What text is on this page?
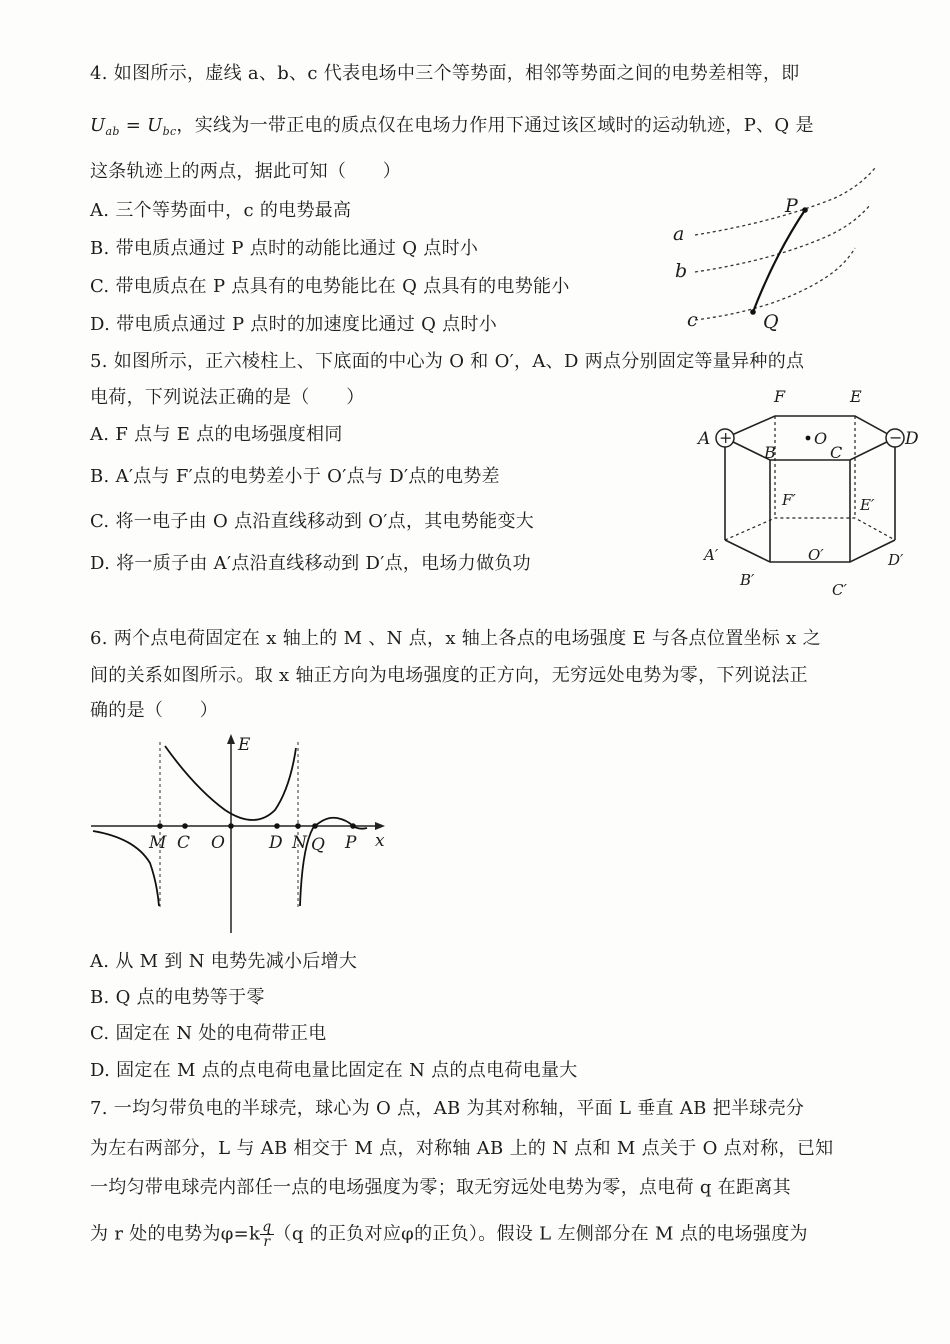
4. 如图所示，虚线 a、b、c 代表电场中三个等势面，相邻等势面之间的电势差相等，即
$U_{ab} = U_{bc}$，实线为一带正电的质点仅在电场力作用下通过该区域时的运动轨迹，P、Q 是
这条轨迹上的两点，据此可知（　　）
A. 三个等势面中，c 的电势最高
B. 带电质点通过 P 点时的动能比通过 Q 点时小
C. 带电质点在 P 点具有的电势能比在 Q 点具有的电势能小
D. 带电质点通过 P 点时的加速度比通过 Q 点时小
a
b
c
P
Q
5. 如图所示，正六棱柱上、下底面的中心为 O 和 O′，A、D 两点分别固定等量异种的点
电荷，下列说法正确的是（　　）
A. F 点与 E 点的电场强度相同
B. A′点与 F′点的电势差小于 O′点与 D′点的电势差
C. 将一电子由 O 点沿直线移动到 O′点，其电势能变大
D. 将一质子由 A′点沿直线移动到 D′点，电场力做负功
+	−
A
B	C
D
E
F
O
A′
B′
C′
D′
E′
F′
O′
6. 两个点电荷固定在 x 轴上的 M 、N 点，x 轴上各点的电场强度 E 与各点位置坐标 x 之
间的关系如图所示。取 x 轴正方向为电场强度的正方向，无穷远处电势为零，下列说法正
确的是（　　）
E
x
M C O	D N Q P
A. 从 M 到 N 电势先减小后增大
B. Q 点的电势等于零
C. 固定在 N 处的电荷带正电
D. 固定在 M 点的点电荷电量比固定在 N 点的点电荷电量大
7. 一均匀带负电的半球壳，球心为 O 点，AB 为其对称轴，平面 L 垂直 AB 把半球壳分
为左右两部分，L 与 AB 相交于 M 点，对称轴 AB 上的 N 点和 M 点关于 O 点对称，已知
一均匀带电球壳内部任一点的电场强度为零；取无穷远处电势为零，点电荷 q 在距离其
为 r 处的电势为$\varphi=k \frac{q}{r} (q$ 的正负对应φ的正负）。假设 L 左侧部分在 M 点的电场强度为
